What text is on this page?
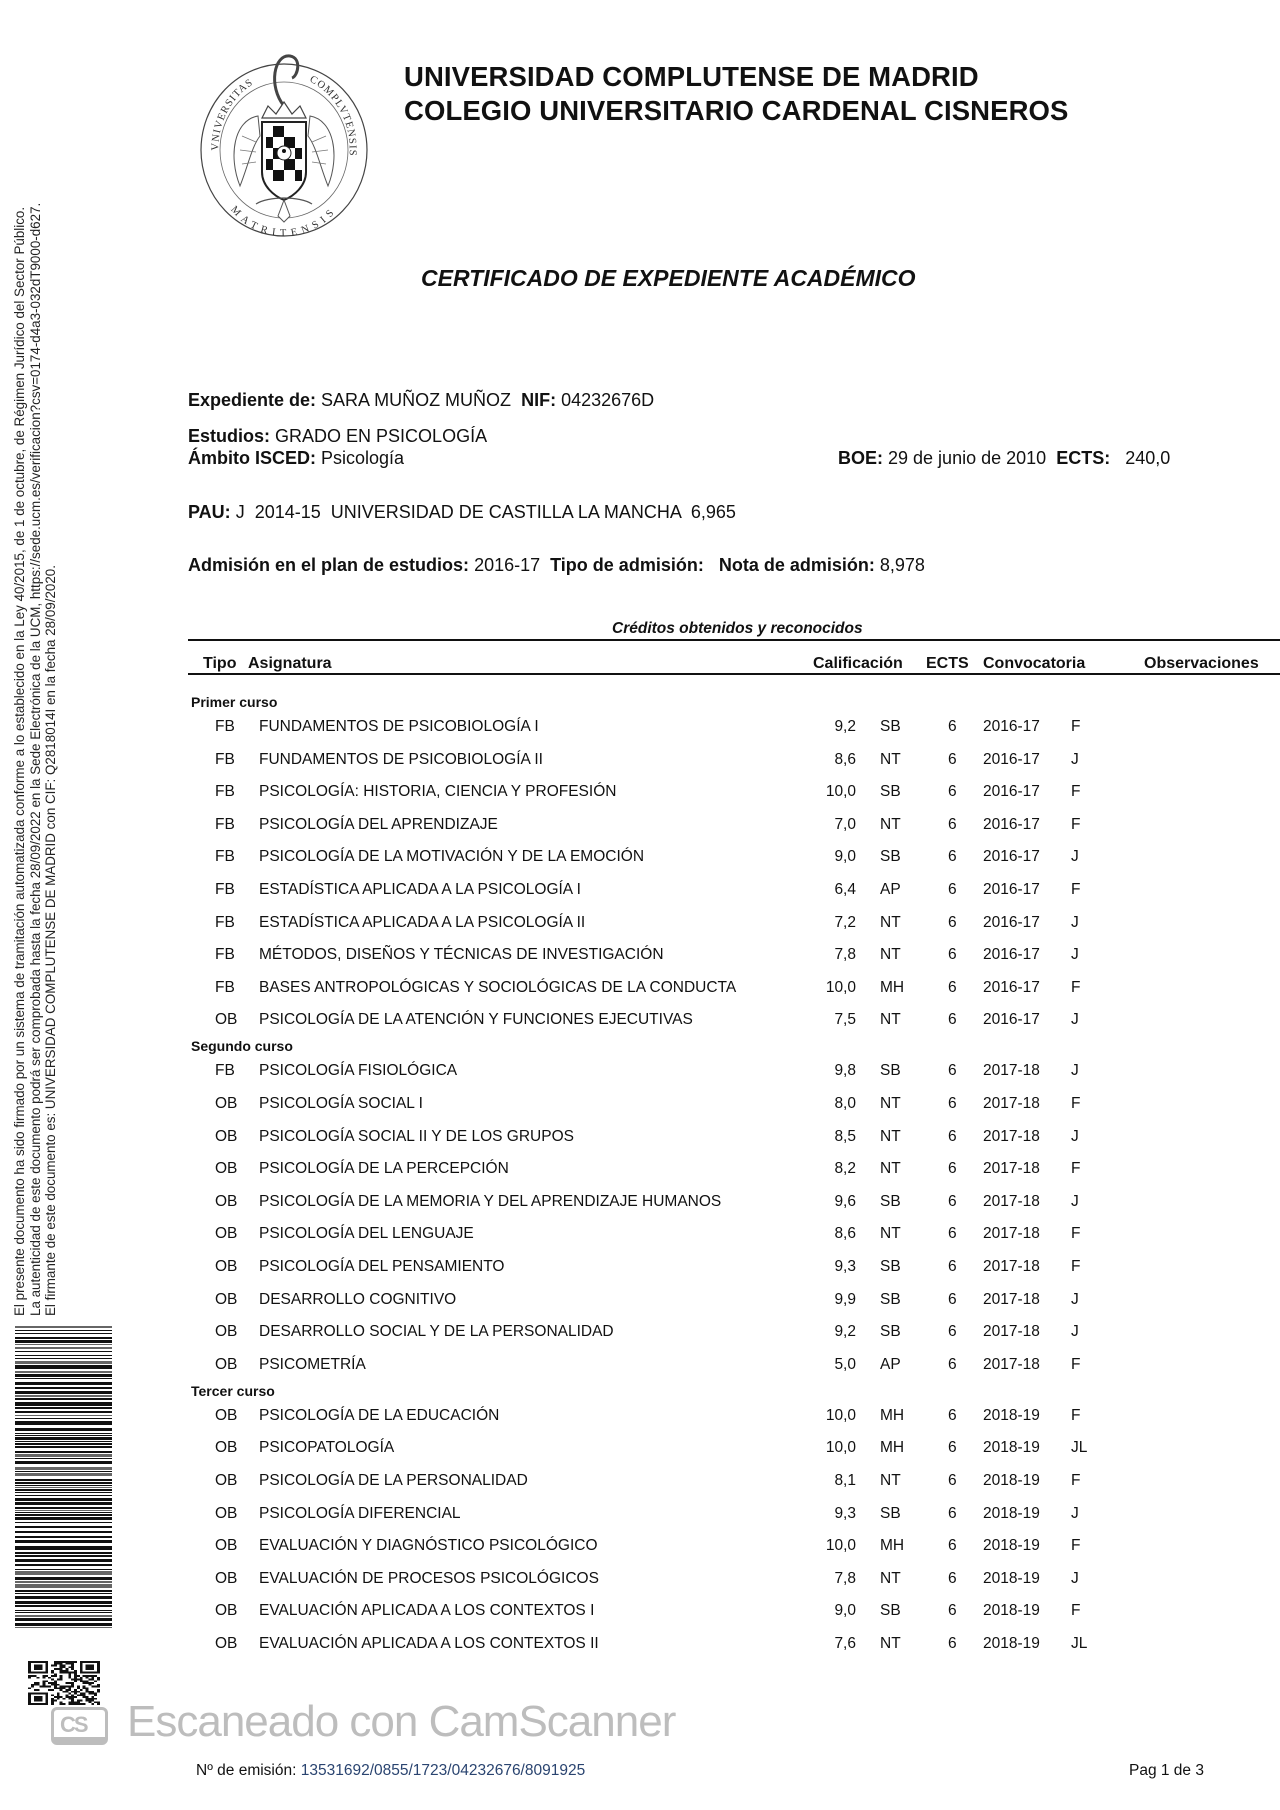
El presente documento ha sido firmado por un sistema de tramitación automatizada conforme a lo establecido en la Ley 40/2015, de 1 de octubre, de Régimen Jurídico del Sector Público. La autenticidad de este documento podrá ser comprobada hasta la fecha 28/09/2022 en la Sede Electrónica de la UCM, https://sede.ucm.es/verificacion?csv=0174-d4a3-032dT9000-d627. El firmante de este documento es: UNIVERSIDAD COMPLUTENSE DE MADRID con CIF: Q2818014I en la fecha 28/09/2020.
VNIVERSITAS	COMPLVTENSIS
MATRITENSIS
UNIVERSIDAD COMPLUTENSE DE MADRID
COLEGIO UNIVERSITARIO CARDENAL CISNEROS
CERTIFICADO DE EXPEDIENTE ACADÉMICO
Expediente de: SARA MUÑOZ MUÑOZ NIF: 04232676D
Estudios: GRADO EN PSICOLOGÍA
Ámbito ISCED: Psicología	BOE: 29 de junio de 2010 ECTS: 240,0
PAU: J  2014-15  UNIVERSIDAD DE CASTILLA LA MANCHA  6,965
Admisión en el plan de estudios: 2016-17 Tipo de admisión: Nota de admisión: 8,978
Créditos obtenidos y reconocidos
Tipo Asignatura	Calificación ECTS Convocatoria	Observaciones
Primer curso
FB FUNDAMENTOS DE PSICOBIOLOGÍA I	9,2 SB	6 2016-17 F
FB FUNDAMENTOS DE PSICOBIOLOGÍA II	8,6 NT	6 2016-17 J
FB PSICOLOGÍA: HISTORIA, CIENCIA Y PROFESIÓN	10,0 SB	6 2016-17 F
FB PSICOLOGÍA DEL APRENDIZAJE	7,0 NT	6 2016-17 F
FB PSICOLOGÍA DE LA MOTIVACIÓN Y DE LA EMOCIÓN	9,0 SB	6 2016-17 J
FB ESTADÍSTICA APLICADA A LA PSICOLOGÍA I	6,4 AP	6 2016-17 F
FB ESTADÍSTICA APLICADA A LA PSICOLOGÍA II	7,2 NT	6 2016-17 J
FB MÉTODOS, DISEÑOS Y TÉCNICAS DE INVESTIGACIÓN	7,8 NT	6 2016-17 J
FB BASES ANTROPOLÓGICAS Y SOCIOLÓGICAS DE LA CONDUCTA	10,0 MH	6 2016-17 F
OB PSICOLOGÍA DE LA ATENCIÓN Y FUNCIONES EJECUTIVAS	7,5 NT	6 2016-17 J
Segundo curso
FB PSICOLOGÍA FISIOLÓGICA	9,8 SB	6 2017-18 J
OB PSICOLOGÍA SOCIAL I	8,0 NT	6 2017-18 F
OB PSICOLOGÍA SOCIAL II Y DE LOS GRUPOS	8,5 NT	6 2017-18 J
OB PSICOLOGÍA DE LA PERCEPCIÓN	8,2 NT	6 2017-18 F
OB PSICOLOGÍA DE LA MEMORIA Y DEL APRENDIZAJE HUMANOS	9,6 SB	6 2017-18 J
OB PSICOLOGÍA DEL LENGUAJE	8,6 NT	6 2017-18 F
OB PSICOLOGÍA DEL PENSAMIENTO	9,3 SB	6 2017-18 F
OB DESARROLLO COGNITIVO	9,9 SB	6 2017-18 J
OB DESARROLLO SOCIAL Y DE LA PERSONALIDAD	9,2 SB	6 2017-18 J
OB PSICOMETRÍA	5,0 AP	6 2017-18 F
Tercer curso
OB PSICOLOGÍA DE LA EDUCACIÓN	10,0 MH	6 2018-19 F
OB PSICOPATOLOGÍA	10,0 MH	6 2018-19 JL
OB PSICOLOGÍA DE LA PERSONALIDAD	8,1 NT	6 2018-19 F
OB PSICOLOGÍA DIFERENCIAL	9,3 SB	6 2018-19 J
OB EVALUACIÓN Y DIAGNÓSTICO PSICOLÓGICO	10,0 MH	6 2018-19 F
OB EVALUACIÓN DE PROCESOS PSICOLÓGICOS	7,8 NT	6 2018-19 J
OB EVALUACIÓN APLICADA A LOS CONTEXTOS I	9,0 SB	6 2018-19 F
OB EVALUACIÓN APLICADA A LOS CONTEXTOS II	7,6 NT	6 2018-19 JL
CS Escaneado con CamScanner
Nº de emisión: 13531692/0855/1723/04232676/8091925	Pag 1 de 3
